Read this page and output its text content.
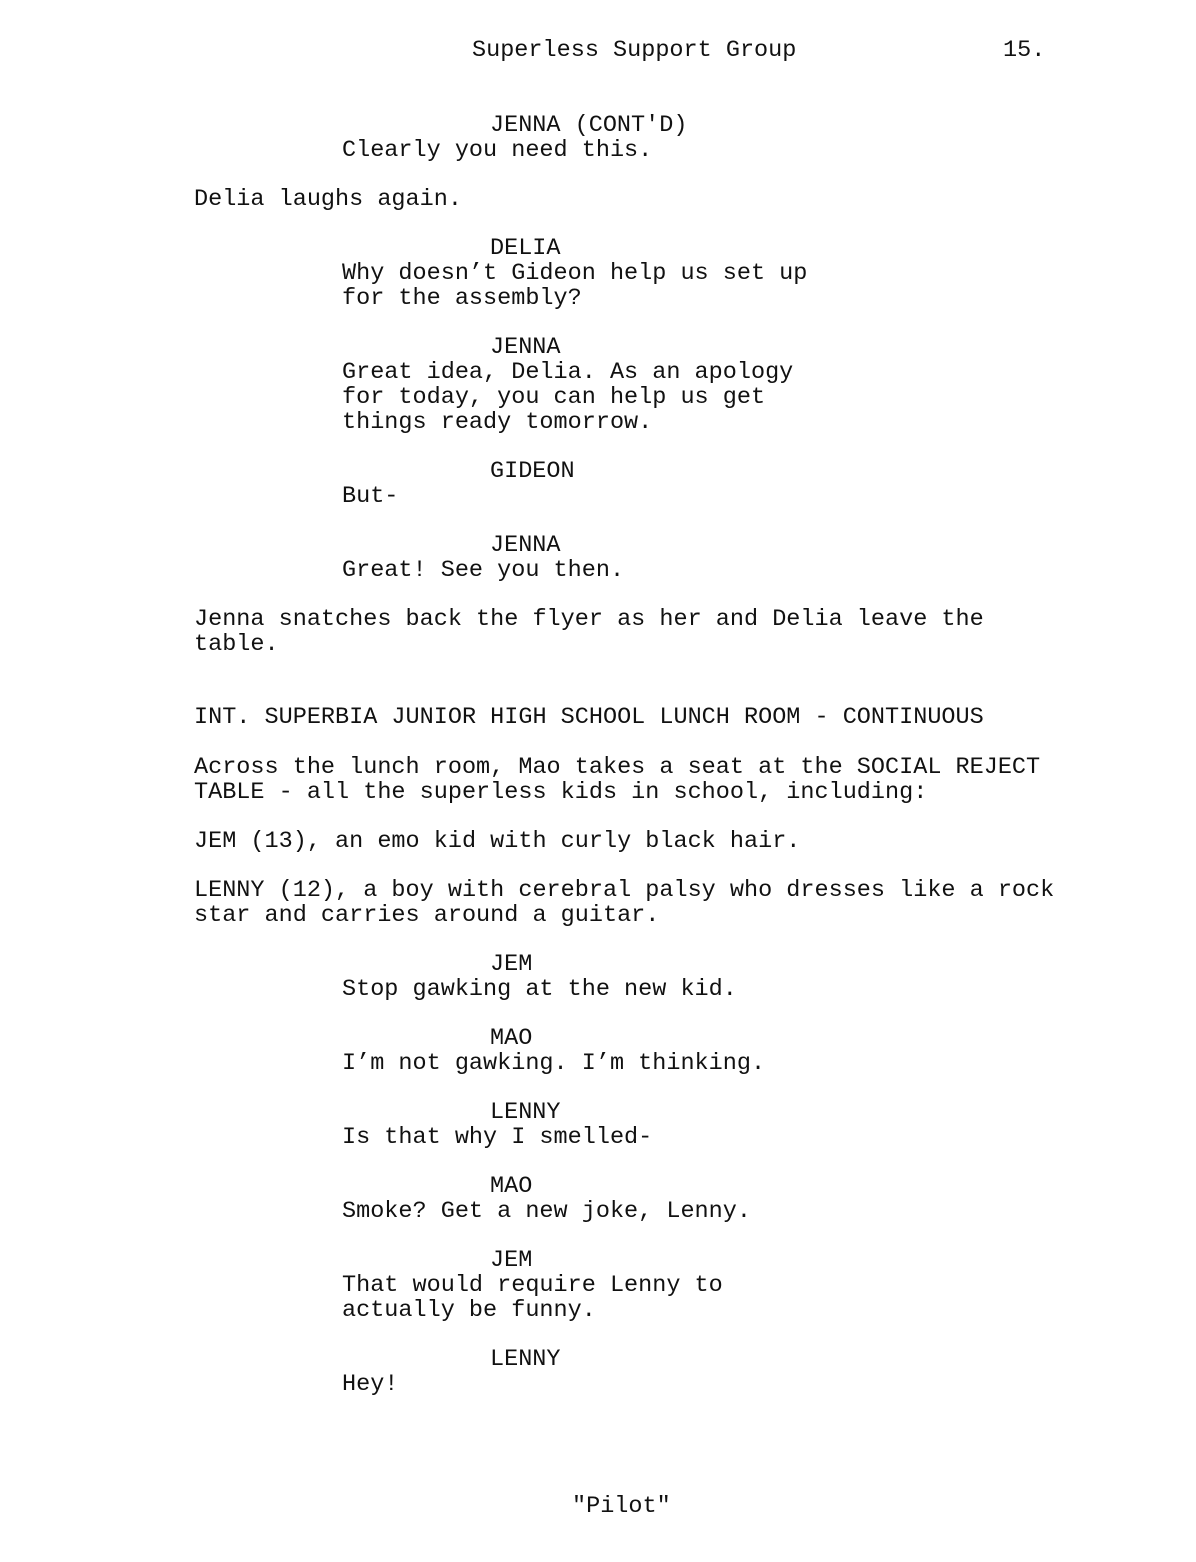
Superless Support Group	15.
JENNA (CONT'D)
Clearly you need this.
Delia laughs again.
DELIA
Why doesn’t Gideon help us set up
for the assembly?
JENNA
Great idea, Delia. As an apology
for today, you can help us get
things ready tomorrow.
GIDEON
But-
JENNA
Great! See you then.
Jenna snatches back the flyer as her and Delia leave the
table.
INT. SUPERBIA JUNIOR HIGH SCHOOL LUNCH ROOM - CONTINUOUS
Across the lunch room, Mao takes a seat at the SOCIAL REJECT
TABLE - all the superless kids in school, including:
JEM (13), an emo kid with curly black hair.
LENNY (12), a boy with cerebral palsy who dresses like a rock
star and carries around a guitar.
JEM
Stop gawking at the new kid.
MAO
I’m not gawking. I’m thinking.
LENNY
Is that why I smelled-
MAO
Smoke? Get a new joke, Lenny.
JEM
That would require Lenny to
actually be funny.
LENNY
Hey!
"Pilot"
